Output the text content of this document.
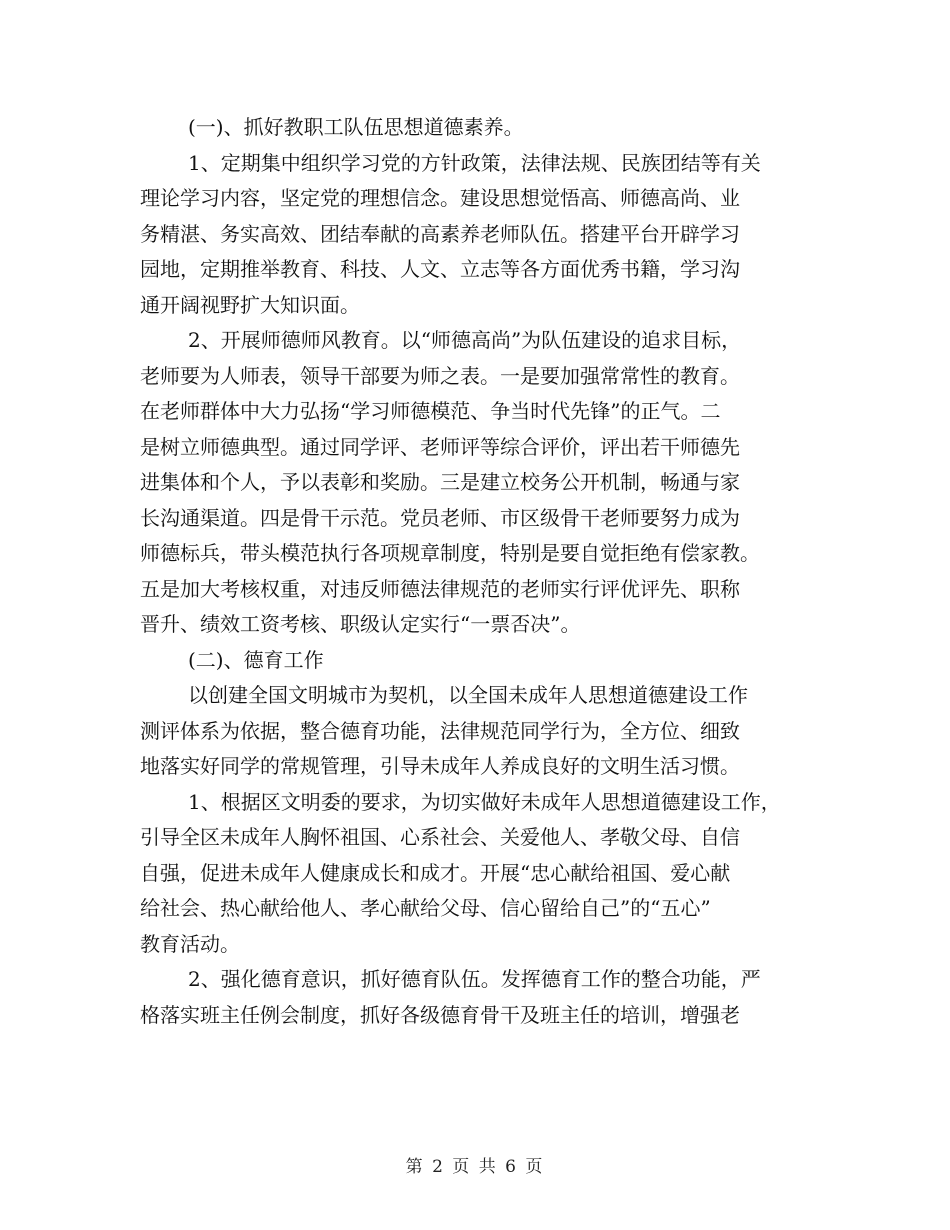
(一)、抓好教职工队伍思想道德素养。
1、定期集中组织学习党的方针政策，法律法规、民族团结等有关
理论学习内容，坚定党的理想信念。建设思想觉悟高、师德高尚、业
务精湛、务实高效、团结奉献的高素养老师队伍。搭建平台开辟学习
园地，定期推举教育、科技、人文、立志等各方面优秀书籍，学习沟
通开阔视野扩大知识面。
2、开展师德师风教育。以“师德高尚”为队伍建设的追求目标，
老师要为人师表，领导干部要为师之表。一是要加强常常性的教育。
在老师群体中大力弘扬“学习师德模范、争当时代先锋”的正气。二
是树立师德典型。通过同学评、老师评等综合评价，评出若干师德先
进集体和个人，予以表彰和奖励。三是建立校务公开机制，畅通与家
长沟通渠道。四是骨干示范。党员老师、市区级骨干老师要努力成为
师德标兵，带头模范执行各项规章制度，特别是要自觉拒绝有偿家教。
五是加大考核权重，对违反师德法律规范的老师实行评优评先、职称
晋升、绩效工资考核、职级认定实行“一票否决”。
(二)、德育工作
以创建全国文明城市为契机，以全国未成年人思想道德建设工作
测评体系为依据，整合德育功能，法律规范同学行为，全方位、细致
地落实好同学的常规管理，引导未成年人养成良好的文明生活习惯。
1、根据区文明委的要求，为切实做好未成年人思想道德建设工作，
引导全区未成年人胸怀祖国、心系社会、关爱他人、孝敬父母、自信
自强，促进未成年人健康成长和成才。开展“忠心献给祖国、爱心献
给社会、热心献给他人、孝心献给父母、信心留给自己”的“五心”
教育活动。
2、强化德育意识，抓好德育队伍。发挥德育工作的整合功能，严
格落实班主任例会制度，抓好各级德育骨干及班主任的培训，增强老
第 2 页 共 6 页
